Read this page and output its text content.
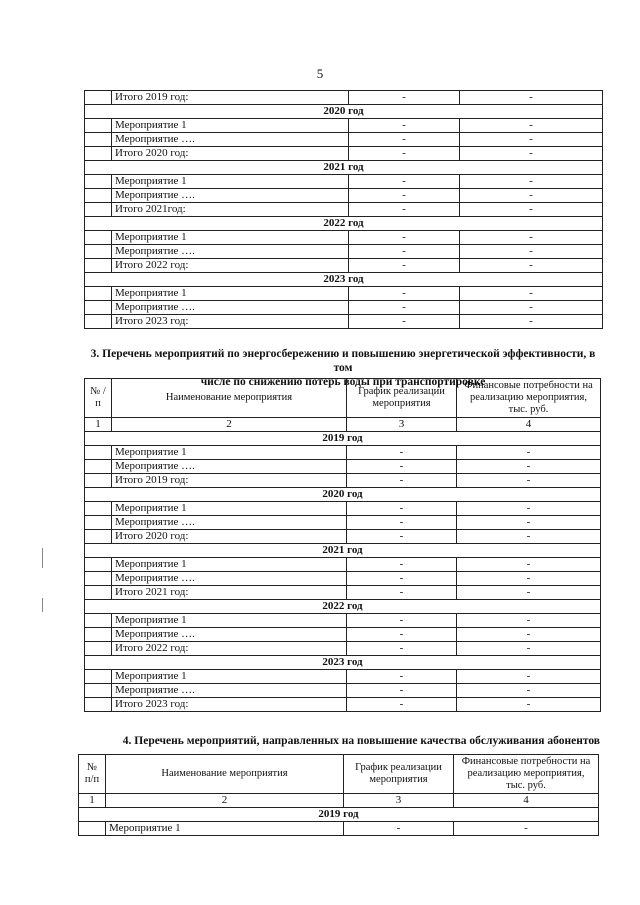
5
	Итого 2019 год:	-	-
2020 год			
	Мероприятие 1	-	-
	Мероприятие ….	-	-
	Итого 2020 год:	-	-
2021 год			
	Мероприятие 1	-	-
	Мероприятие ….	-	-
	Итого 2021год:	-	-
2022 год			
	Мероприятие 1	-	-
	Мероприятие ….	-	-
	Итого 2022 год:	-	-
2023 год			
	Мероприятие 1	-	-
	Мероприятие ….	-	-
	Итого 2023 год:	-	-
3. Перечень мероприятий по энергосбережению и повышению энергетической эффективности, в том
числе по снижению потерь воды при транспортировке
№ /п	Наименование мероприятия	График реализации мероприятия	Финансовые потребности на реализацию мероприятия, тыс. руб.
1	2	3	4
2019 год			
	Мероприятие 1	-	-
	Мероприятие ….	-	-
	Итого 2019 год:	-	-
2020 год			
	Мероприятие 1	-	-
	Мероприятие ….	-	-
	Итого 2020 год:	-	-
2021 год			
	Мероприятие 1	-	-
	Мероприятие ….	-	-
	Итого 2021 год:	-	-
2022 год			
	Мероприятие 1	-	-
	Мероприятие ….	-	-
	Итого 2022 год:	-	-
2023 год			
	Мероприятие 1	-	-
	Мероприятие ….	-	-
	Итого 2023 год:	-	-
4. Перечень мероприятий, направленных на повышение качества обслуживания абонентов
№ п/п	Наименование мероприятия	График реализации мероприятия	Финансовые потребности на реализацию мероприятия, тыс. руб.
1	2	3	4
2019 год			
	Мероприятие 1	-	-
